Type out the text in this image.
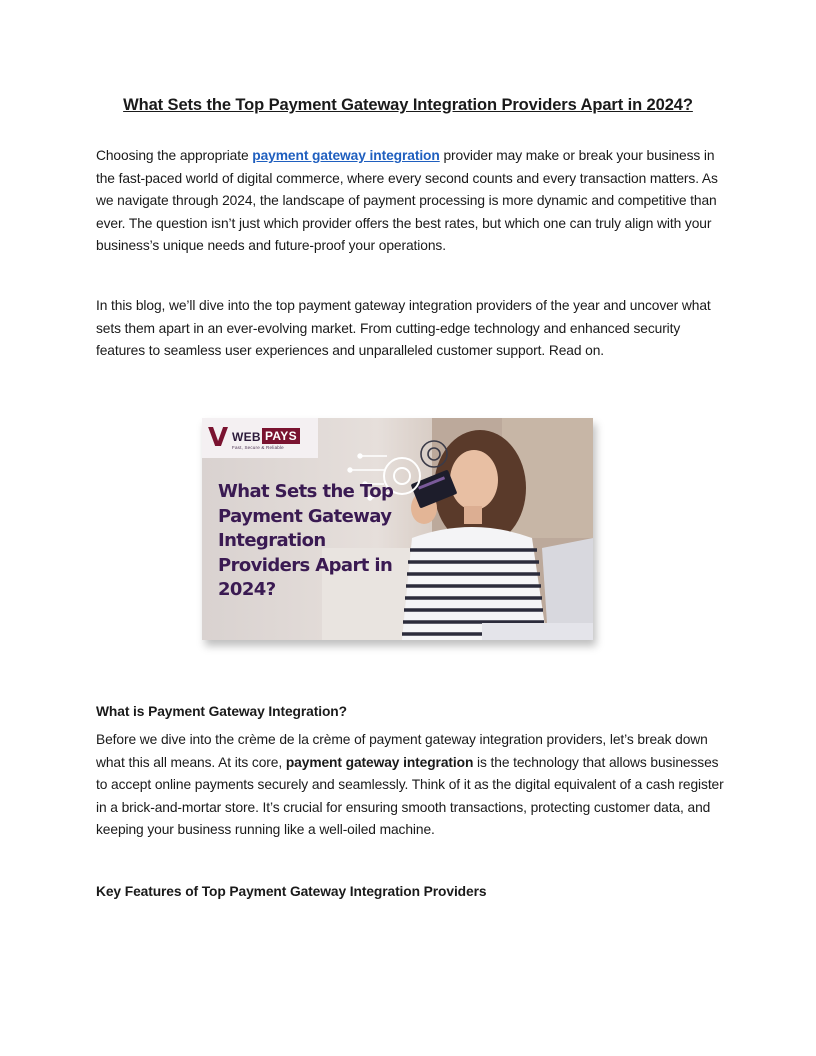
What Sets the Top Payment Gateway Integration Providers Apart in 2024?

Choosing the appropriate payment gateway integration provider may make or break your business in the fast-paced world of digital commerce, where every second counts and every transaction matters. As we navigate through 2024, the landscape of payment processing is more dynamic and competitive than ever. The question isn’t just which provider offers the best rates, but which one can truly align with your business’s unique needs and future-proof your operations.

In this blog, we’ll dive into the top payment gateway integration providers of the year and uncover what sets them apart in an ever-evolving market. From cutting-edge technology and enhanced security features to seamless user experiences and unparalleled customer support. Read on.

V WEB PAYS
Fast, Secure & Reliable
What Sets the Top Payment Gateway Integration Providers Apart in 2024?
What is Payment Gateway Integration?

Before we dive into the crème de la crème of payment gateway integration providers, let’s break down what this all means. At its core, payment gateway integration is the technology that allows businesses to accept online payments securely and seamlessly. Think of it as the digital equivalent of a cash register in a brick-and-mortar store. It’s crucial for ensuring smooth transactions, protecting customer data, and keeping your business running like a well-oiled machine.

Key Features of Top Payment Gateway Integration Providers
